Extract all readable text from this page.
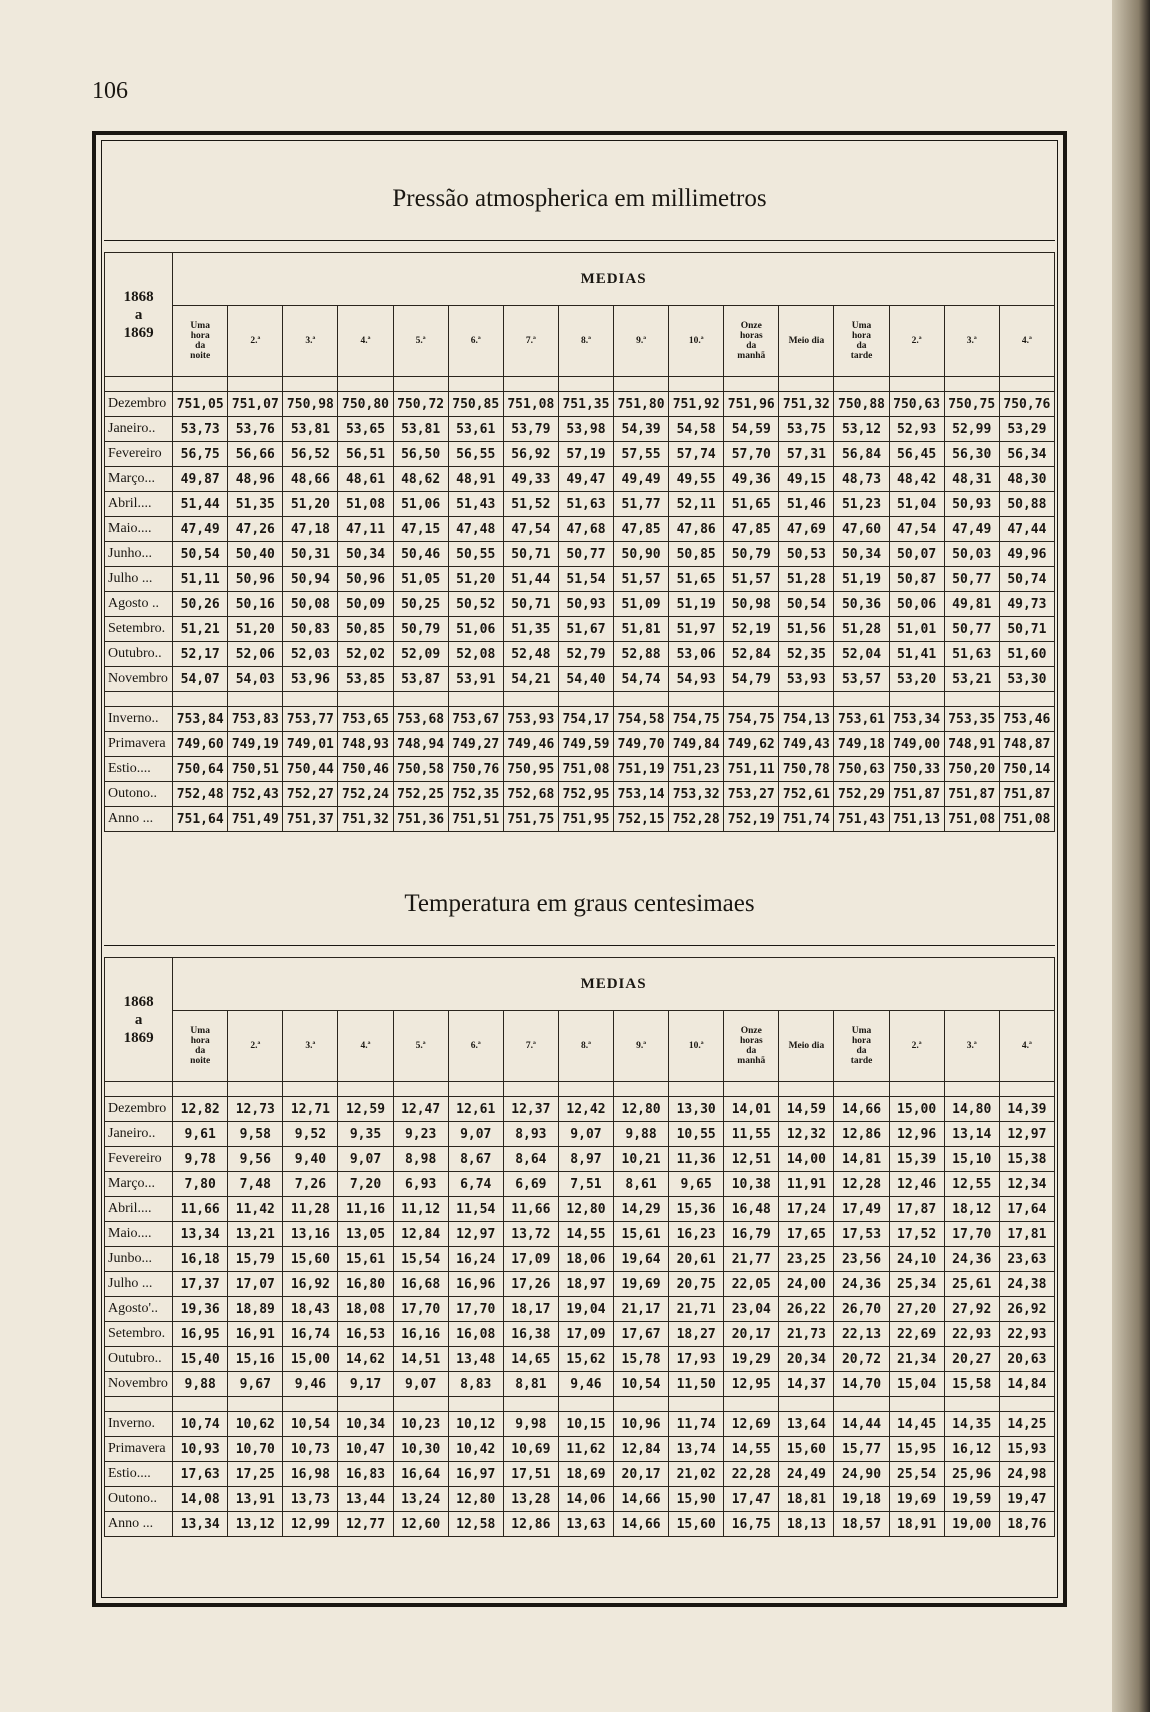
106
Pressão atmospherica em millimetros
1868
a
1869	MEDIAS															
	Uma
hora
da
noite	2.ª	3.ª	4.ª	5.ª	6.ª	7.ª	8.ª	9.ª	10.ª	Onze
horas
da
manhã	Meio dia	Uma
hora
da
tarde	2.ª	3.ª	4.ª

Dezembro	751,05	751,07	750,98	750,80	750,72	750,85	751,08	751,35	751,80	751,92	751,96	751,32	750,88	750,63	750,75	750,76
Janeiro..	53,73	53,76	53,81	53,65	53,81	53,61	53,79	53,98	54,39	54,58	54,59	53,75	53,12	52,93	52,99	53,29
Fevereiro	56,75	56,66	56,52	56,51	56,50	56,55	56,92	57,19	57,55	57,74	57,70	57,31	56,84	56,45	56,30	56,34
Março...	49,87	48,96	48,66	48,61	48,62	48,91	49,33	49,47	49,49	49,55	49,36	49,15	48,73	48,42	48,31	48,30
Abril....	51,44	51,35	51,20	51,08	51,06	51,43	51,52	51,63	51,77	52,11	51,65	51,46	51,23	51,04	50,93	50,88
Maio....	47,49	47,26	47,18	47,11	47,15	47,48	47,54	47,68	47,85	47,86	47,85	47,69	47,60	47,54	47,49	47,44
Junho...	50,54	50,40	50,31	50,34	50,46	50,55	50,71	50,77	50,90	50,85	50,79	50,53	50,34	50,07	50,03	49,96
Julho ...	51,11	50,96	50,94	50,96	51,05	51,20	51,44	51,54	51,57	51,65	51,57	51,28	51,19	50,87	50,77	50,74
Agosto ..	50,26	50,16	50,08	50,09	50,25	50,52	50,71	50,93	51,09	51,19	50,98	50,54	50,36	50,06	49,81	49,73
Setembro.	51,21	51,20	50,83	50,85	50,79	51,06	51,35	51,67	51,81	51,97	52,19	51,56	51,28	51,01	50,77	50,71
Outubro..	52,17	52,06	52,03	52,02	52,09	52,08	52,48	52,79	52,88	53,06	52,84	52,35	52,04	51,41	51,63	51,60
Novembro	54,07	54,03	53,96	53,85	53,87	53,91	54,21	54,40	54,74	54,93	54,79	53,93	53,57	53,20	53,21	53,30

Inverno..	753,84	753,83	753,77	753,65	753,68	753,67	753,93	754,17	754,58	754,75	754,75	754,13	753,61	753,34	753,35	753,46
Primavera	749,60	749,19	749,01	748,93	748,94	749,27	749,46	749,59	749,70	749,84	749,62	749,43	749,18	749,00	748,91	748,87
Estio....	750,64	750,51	750,44	750,46	750,58	750,76	750,95	751,08	751,19	751,23	751,11	750,78	750,63	750,33	750,20	750,14
Outono..	752,48	752,43	752,27	752,24	752,25	752,35	752,68	752,95	753,14	753,32	753,27	752,61	752,29	751,87	751,87	751,87
Anno ...	751,64	751,49	751,37	751,32	751,36	751,51	751,75	751,95	752,15	752,28	752,19	751,74	751,43	751,13	751,08	751,08
Temperatura em graus centesimaes
1868
a
1869	MEDIAS															
	Uma
hora
da
noite	2.ª	3.ª	4.ª	5.ª	6.ª	7.ª	8.ª	9.ª	10.ª	Onze
horas
da
manhã	Meio dia	Uma
hora
da
tarde	2.ª	3.ª	4.ª

Dezembro	12,82	12,73	12,71	12,59	12,47	12,61	12,37	12,42	12,80	13,30	14,01	14,59	14,66	15,00	14,80	14,39
Janeiro..	9,61	9,58	9,52	9,35	9,23	9,07	8,93	9,07	9,88	10,55	11,55	12,32	12,86	12,96	13,14	12,97
Fevereiro	9,78	9,56	9,40	9,07	8,98	8,67	8,64	8,97	10,21	11,36	12,51	14,00	14,81	15,39	15,10	15,38
Março...	7,80	7,48	7,26	7,20	6,93	6,74	6,69	7,51	8,61	9,65	10,38	11,91	12,28	12,46	12,55	12,34
Abril....	11,66	11,42	11,28	11,16	11,12	11,54	11,66	12,80	14,29	15,36	16,48	17,24	17,49	17,87	18,12	17,64
Maio....	13,34	13,21	13,16	13,05	12,84	12,97	13,72	14,55	15,61	16,23	16,79	17,65	17,53	17,52	17,70	17,81
Junbo...	16,18	15,79	15,60	15,61	15,54	16,24	17,09	18,06	19,64	20,61	21,77	23,25	23,56	24,10	24,36	23,63
Julho ...	17,37	17,07	16,92	16,80	16,68	16,96	17,26	18,97	19,69	20,75	22,05	24,00	24,36	25,34	25,61	24,38
Agosto'..	19,36	18,89	18,43	18,08	17,70	17,70	18,17	19,04	21,17	21,71	23,04	26,22	26,70	27,20	27,92	26,92
Setembro.	16,95	16,91	16,74	16,53	16,16	16,08	16,38	17,09	17,67	18,27	20,17	21,73	22,13	22,69	22,93	22,93
Outubro..	15,40	15,16	15,00	14,62	14,51	13,48	14,65	15,62	15,78	17,93	19,29	20,34	20,72	21,34	20,27	20,63
Novembro	9,88	9,67	9,46	9,17	9,07	8,83	8,81	9,46	10,54	11,50	12,95	14,37	14,70	15,04	15,58	14,84

Inverno.	10,74	10,62	10,54	10,34	10,23	10,12	9,98	10,15	10,96	11,74	12,69	13,64	14,44	14,45	14,35	14,25
Primavera	10,93	10,70	10,73	10,47	10,30	10,42	10,69	11,62	12,84	13,74	14,55	15,60	15,77	15,95	16,12	15,93
Estio....	17,63	17,25	16,98	16,83	16,64	16,97	17,51	18,69	20,17	21,02	22,28	24,49	24,90	25,54	25,96	24,98
Outono..	14,08	13,91	13,73	13,44	13,24	12,80	13,28	14,06	14,66	15,90	17,47	18,81	19,18	19,69	19,59	19,47
Anno ...	13,34	13,12	12,99	12,77	12,60	12,58	12,86	13,63	14,66	15,60	16,75	18,13	18,57	18,91	19,00	18,76
